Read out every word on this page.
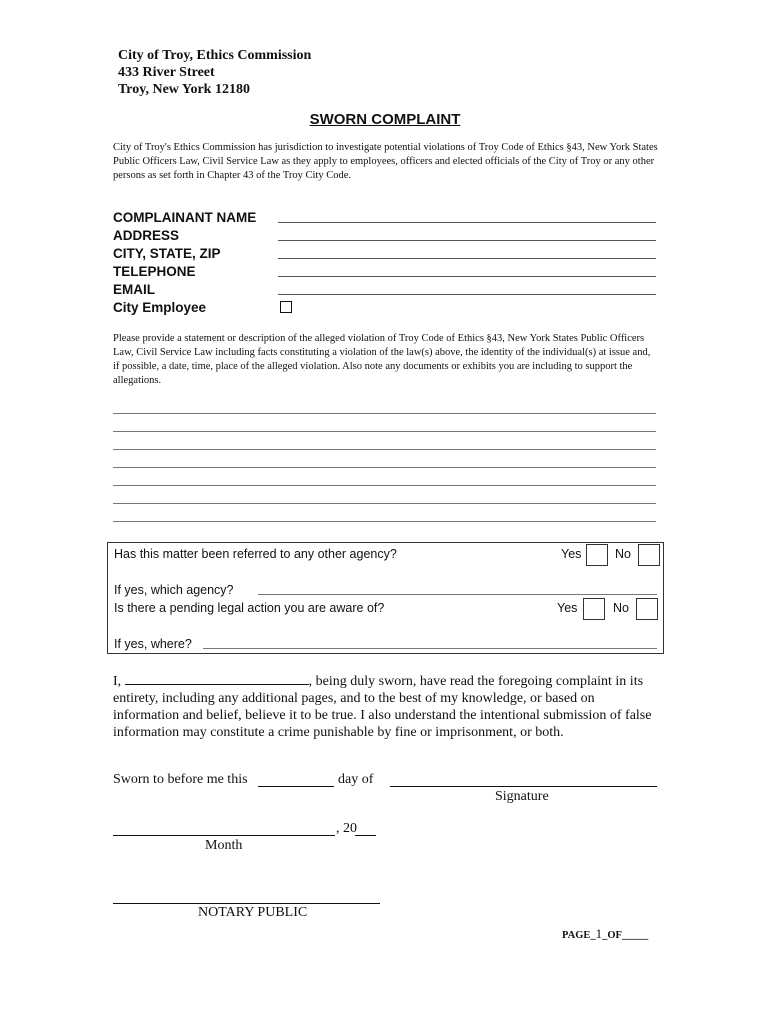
City of Troy, Ethics Commission
433 River Street
Troy, New York 12180
SWORN COMPLAINT
City of Troy's Ethics Commission has jurisdiction to investigate potential violations of Troy Code of Ethics §43, New York States Public Officers Law, Civil Service Law as they apply to employees, officers and elected officials of the City of Troy or any other persons as set forth in Chapter 43 of the Troy City Code.
COMPLAINANT NAME
ADDRESS
CITY, STATE, ZIP
TELEPHONE
EMAIL
City Employee
Please provide a statement or description of the alleged violation of Troy Code of Ethics §43, New York States Public Officers Law, Civil Service Law including facts constituting a violation of the law(s) above, the identity of the individual(s) at issue and, if possible, a date, time, place of the alleged violation. Also note any documents or exhibits you are including to support the allegations.
Has this matter been referred to any other agency?	Yes	No
If yes, which agency?
Is there a pending legal action you are aware of?	Yes	No
If yes, where?
I,	, being duly sworn, have read the foregoing complaint in its entirety, including any additional pages, and to the best of my knowledge, or based on information and belief, believe it to be true. I also understand the intentional submission of false information may constitute a crime punishable by fine or imprisonment, or both.
Sworn to before me this	day of
Signature
, 20
Month
NOTARY PUBLIC
PAGE_1_OF_____
